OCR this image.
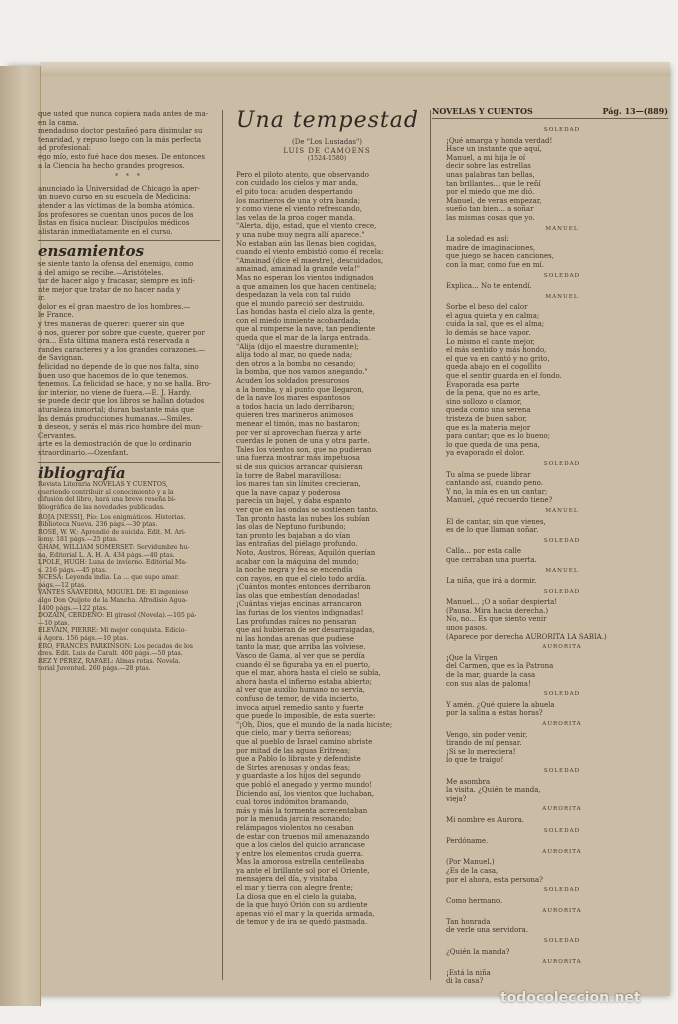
NOVELAS Y CUENTOS	Pág. 13—(889)
que usted que nunca copiera nada antes de ma-
en la cama.
mendadoso doctor pestañeó para disimular su
tenaridad, y repuso luego con la más perfecta
ad profesional:
ego mío, esto fué hace dos meses. De entonces
a la Ciencia ha hecho grandes progresos.
* * *
anunciado la Universidad de Chicago la aper-
un nuevo curso en su escuela de Medicina:
atender a las víctimas de la bomba atómica.
los profesores se cuentan unos pocos de los
listas en física nuclear. Discípulos médicos
alistarán inmediatamente en el curso.
ensamientos
se siente tanto la ofensa del enemigo, como
a del amigo se recibe.—Aristóteles.
tar de hacer algo y fracasar, siempre es infi-
nte mejor que tratar de no hacer nada y
ir.
dolor es el gran maestro de los hombres.—
le France.
y tres maneras de querer: querer sin que
o nos, querer por sobre que cueste, querer por
ora... Esta última manera está reservada a
randes caracteres y a los grandes corazones.—
de Savignan.
felicidad no depende de lo que nos falta, sino
buen uso que hacemos de lo que tenemos.
tenemos. La felicidad se hace, y no se halla. Bro-
ior interior, no viene de fuera.—E. J. Hardy.
se puede decir que los libros se hallan dotados
aturaleza inmortal; duran bastante más que
las demás producciones humanas.—Smiles.
n deseos, y serás el más rico hombre del mun-
Cervantes.
arte es la demostración de que lo ordinario
xtraordinario.—Ozenfant.
ibliografía
Revista Literaria NOVELAS Y CUENTOS,
queriendo contribuir al conocimiento y a la
difusión del libro, hará una breve reseña bi-
bliográfica de las novedades publicadas.
ROJA [NESSI], Pío: Los enigmáticos. Historias.
Biblioteca Nueva. 236 págs.—30 ptas.
ROSE, W. W.: Aprendió de suicida. Edit. M. Ari-
lemy. 181 págs.—25 ptas.
GHAM, WILLIAM SOMERSET: Servidumbre hu-
na, Editorial L. A. H. A. 434 págs.—40 ptas.
LPOLE, HUGH: Luna de invierno. Editorial Ma-
s. 216 págs.—45 ptas.
NCESA: Leyenda india. La ... que supo amar.
págs.—12 ptas.
VANTES SAAVEDRA, MIGUEL DE: El ingenioso
algo Don Quijote de la Mancha. Afrodisio Agua-
1400 págs.—122 ptas.
DOZAIN, CERDEÑO: El girasol (Novela).—105 pá-
—10 ptas.
ELEVAIN, PIERRE: Mi mejor conquista. Edicio-
a Agora. 156 págs.—10 ptas.
ERO, FRANCES PARKINSON: Los pecados de los
dres. Edit. Luis de Caralt. 400 págs.—50 ptas.
REZ Y PÉREZ, RAFAEL: Almas rotas. Novela.
torial Juventud. 260 págs.—28 ptas.
Una tempestad
(De "Los Lusiadas")
LUIS DE CAMOENS
(1524-1580)
Pero el piloto atento, que observando
con cuidado los cielos y mar anda,
el pito toca: acuden despertando
los marineros de una y otra banda;
y como viene el viento refrescando,
las velas de la proa coger manda.
"Alerta, dijo, estad, que el viento crece,
y una nube muy negra allí aparece."
No estaban aún las llenas bien cogidas,
cuando el viento embistió como él recela:
"Amainad (dice el maestre), descuidados,
amainad, amainad la grande vela!"
Mas no esperan los vientos indignados
a que amainen los que hacen centinela;
despedazan la vela con tal ruido
que el mundo pareció ser destruido.
Las hondas hasta el cielo alza la gente,
con el miedo inmiente acobardada;
que al romperse la nave, tan pendiente
queda que el mar de la larga entrada.
"Alija (dijo el maestre duramente);
alija todo al mar, no quede nada;
den otros a la bomba no cesando;
la bomba, que nos vamos anegando."
Acuden los soldados presurosos
a la bomba, y al punto que llegaron,
de la nave los mares espantosos
a todos hacia un lado derribaron;
quieren tres marineros animosos
menear el timón, mas no bastaron;
por ver si aprovechan fuerza y arte
cuerdas le ponen de una y otra parte.
Tales los vientos son, que no pudieran
una fuerza mostrar más impetuosa
si de sus quicios arrancar quisieran
la torre de Babel maravillosa:
los mares tan sin límites crecieran,
que la nave capaz y poderosa
parecía un bajel, y daba espanto
ver que en las ondas se sostienen tanto.
Tan pronto hasta las nubes los subían
las olas de Neptuno furibundo;
tan pronto les bajaban a do vían
las entrañas del piélago profundo.
Noto, Austros, Bóreas, Aquilón querían
acabar con la máquina del mundo;
la noche negra y fea se encendía
con rayos, en que el cielo todo ardía.
¡Cuántos montes entonces derribaron
las olas que embestían denodadas!
¡Cuántas viejas encinas arrancaron
las furias de los vientos indignadas!
Las profundas raíces no pensaran
que así hubieran de ser desarraigadas,
ni las hondas arenas que pudiese
tanto la mar, que arriba las volviese.
Vasco de Gama, al ver que se perdía
cuando él se figuraba ya en el puerto,
que el mar, ahora hasta el cielo se subía,
ahora hasta el infierno estaba abierto;
al ver que auxilio humano no servía,
confuso de temor, de vida incierto,
invoca aquel remedio santo y fuerte
que puede lo imposible, de esta suerte:
"¡Oh, Dios, que el mundo de la nada hiciste;
que cielo, mar y tierra señoreas;
que al pueblo de Israel camino abriste
por mitad de las aguas Eritreas;
que a Pablo lo libraste y defendiste
de Sirtes arenosas y ondas feas;
y guardaste a los hijos del segundo
que pobló el anegado y yermo mundo!
Diciendo así, los vientos que luchaban,
cual toros indómitos bramando,
más y más la tormenta acrecentaban
por la menuda jarcia resonando;
relámpagos violentos no cesaban
de estar con truenos mil amenazando
que a los cielos del quicio arrancase
y entre los elementos cruda guerra.
Mas la amorosa estrella centelleaba
ya ante el brillante sol por el Oriente,
mensajera del día, y visitaba
el mar y tierra con alegre frente;
La diosa que en el cielo la guiaba,
de la que huyó Orión con su ardiente
apenas vió el mar y la querida armada,
de temor y de ira se quedó pasmada.
SOLEDAD
¡Qué amarga y honda verdad!
Hace un instante que aquí,
Manuel, a mi hija le oí
decir sobre las estrellas
unas palabras tan bellas,
tan brillantes... que le reñí
por el miedo que me dió.
Manuel, de veras empezar,
sueño tan bien... a soñar
las mismas cosas que yo.
MANUEL
La soledad es así:
madre de imaginaciones,
que juego se hacen canciones,
con la mar, como fue en mí.
SOLEDAD
Explica... No te entendí.
MANUEL
Sorbe el beso del calor
el agua quieta y en calma;
cuida la sal, que es el alma;
lo demás se hace vapor.
Lo mismo el cante mejor,
el más sentido y más hondo,
el que va en cantó y no grito,
queda abajo en el cogollito
que el sentir guarda en el fondo.
Evaporada esa parte
de la pena, que no es arte,
sino sollozo o clamor,
queda como una serena
tristeza de buen sabor,
que es la materia mejor
para cantar; que es lo bueno;
lo que queda de una pena,
ya evaporado el dolor.
SOLEDAD
Tu alma se puede librar
cantando así, cuando peno.
Y no, la mía es en un cantar;
Manuel, ¿qué recuerdo tiene?
MANUEL
El de cantar, sin que vienes,
es de lo que llaman soñar.
SOLEDAD
Calla... por esta calle
que cerraban una puerta.
MANUEL
La niña, que irá a dormir.
SOLEDAD
Manuel... ¡O a soñar despierta!
(Pausa. Mira hacia derecha.)
No, no... Es que siento venir
unos pasos.
(Aparece por derecha AURORITA LA SABIA.)
AURORITA
¡Que la Virgen
del Carmen, que es la Patrona
de la mar, guarde la casa
con sus alas de paloma!
SOLEDAD
Y amén. ¿Qué quiere la abuela
por la salina a estas horas?
AURORITA
Vengo, sin poder venir,
tirando de mí pensar.
¡Si se lo mereciera!
lo que te traigo!
SOLEDAD
Me asombra
la visita. ¿Quién te manda,
vieja?
AURORITA
Mi nombre es Aurora.
SOLEDAD
Perdóname.
AURORITA
(Por Manuel.)
¿Es de la casa,
por el ahora, esta persona?
SOLEDAD
Como hermano.
AURORITA
Tan honrada
de verle una servidora.
SOLEDAD
¿Quién la manda?
AURORITA
¡Está la niña
di la casa?
todocoleccion.net
